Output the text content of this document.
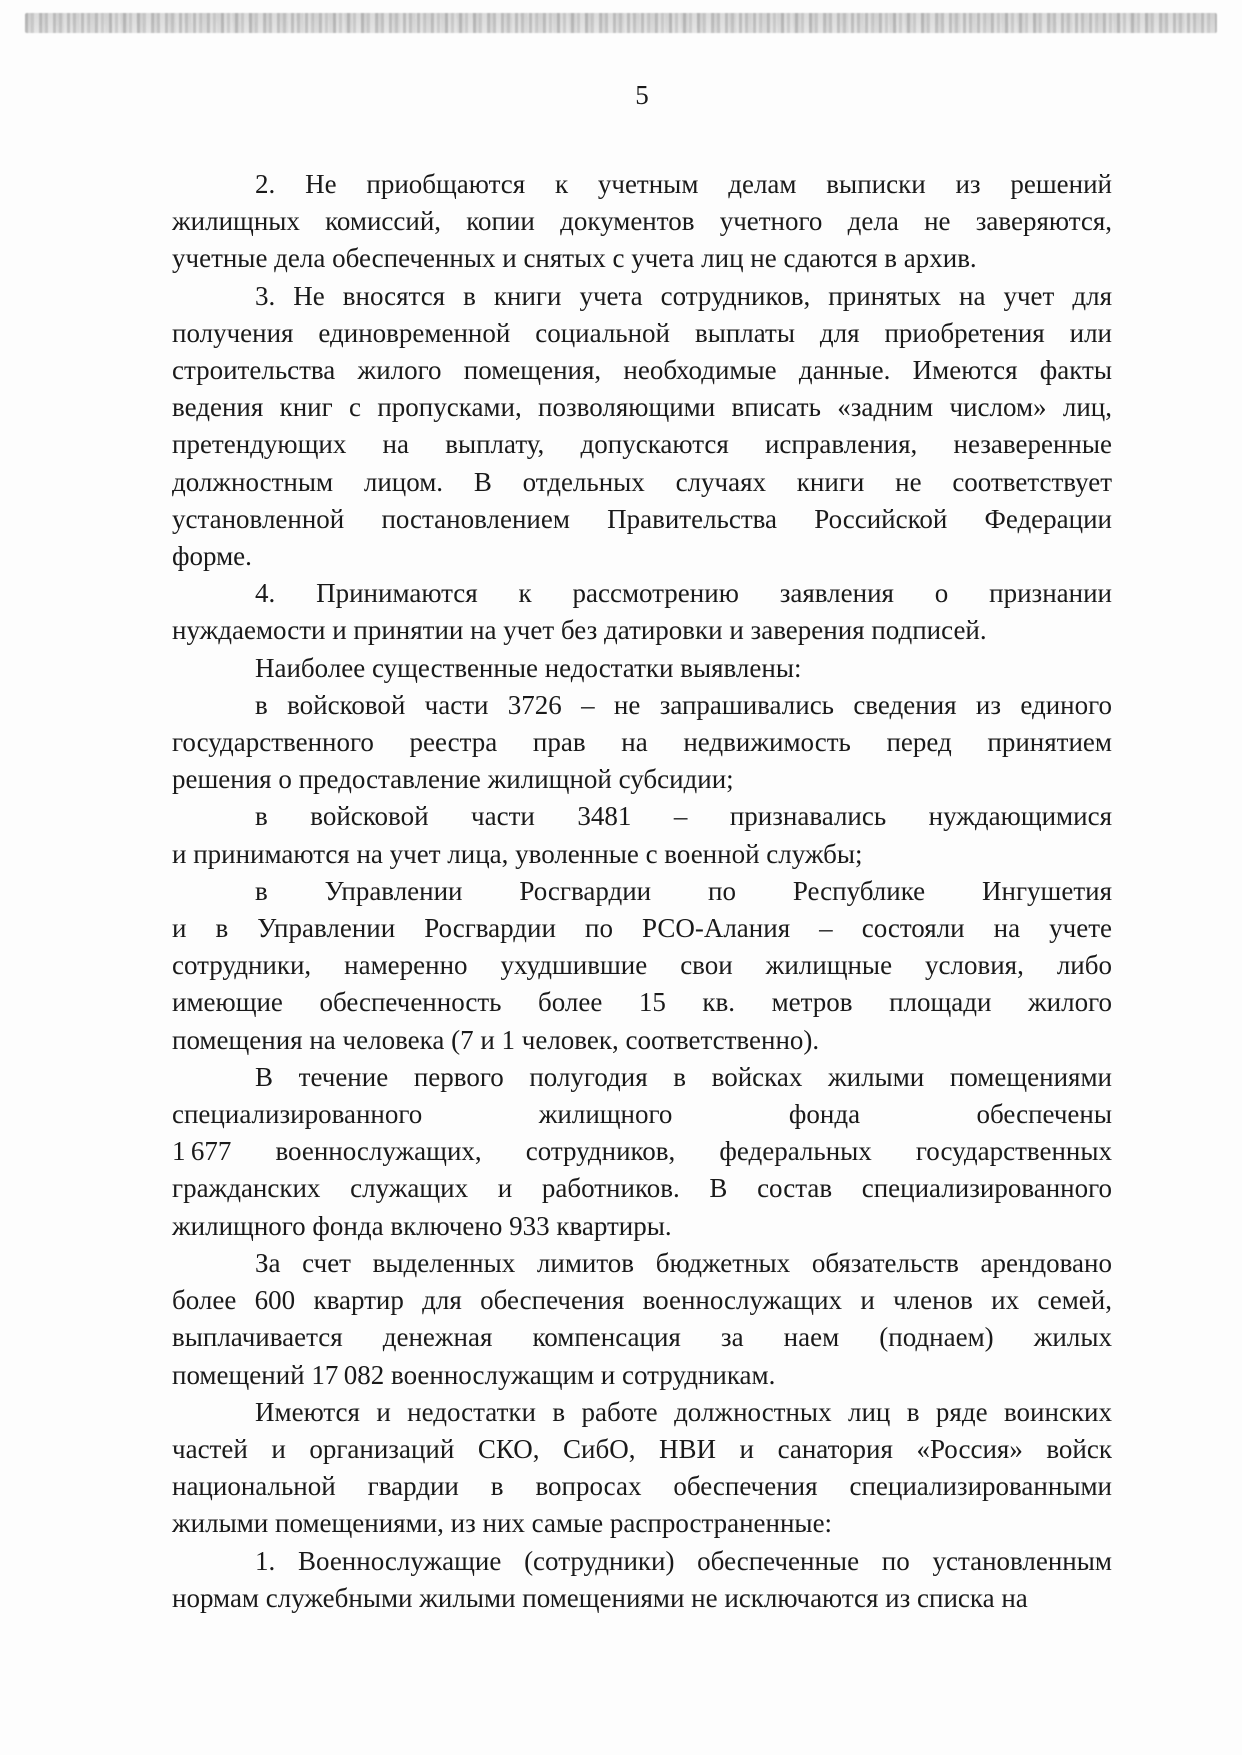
5
2. Не приобщаются к учетным делам выписки из решений
жилищных комиссий, копии документов учетного дела не заверяются,
учетные дела обеспеченных и снятых с учета лиц не сдаются в архив.
3. Не вносятся в книги учета сотрудников, принятых на учет для
получения единовременной социальной выплаты для приобретения или
строительства жилого помещения, необходимые данные. Имеются факты
ведения книг с пропусками, позволяющими вписать «задним числом» лиц,
претендующих на выплату, допускаются исправления, незаверенные
должностным лицом. В отдельных случаях книги не соответствует
установленной постановлением Правительства Российской Федерации
форме.
4. Принимаются к рассмотрению заявления о признании
нуждаемости и принятии на учет без датировки и заверения подписей.
Наиболее существенные недостатки выявлены:
в войсковой части 3726 – не запрашивались сведения из единого
государственного реестра прав на недвижимость перед принятием
решения о предоставление жилищной субсидии;
в войсковой части 3481 – признавались нуждающимися
и принимаются на учет лица, уволенные с военной службы;
в Управлении Росгвардии по Республике Ингушетия
и в Управлении Росгвардии по РСО-Алания – состояли на учете
сотрудники, намеренно ухудшившие свои жилищные условия, либо
имеющие обеспеченность более 15 кв. метров площади жилого
помещения на человека (7 и 1 человек, соответственно).
В течение первого полугодия в войсках жилыми помещениями
специализированного жилищного фонда обеспечены
1 677 военнослужащих, сотрудников, федеральных государственных
гражданских служащих и работников. В состав специализированного
жилищного фонда включено 933 квартиры.
За счет выделенных лимитов бюджетных обязательств арендовано
более 600 квартир для обеспечения военнослужащих и членов их семей,
выплачивается денежная компенсация за наем (поднаем) жилых
помещений 17 082 военнослужащим и сотрудникам.
Имеются и недостатки в работе должностных лиц в ряде воинских
частей и организаций СКО, СибО, НВИ и санатория «Россия» войск
национальной гвардии в вопросах обеспечения специализированными
жилыми помещениями, из них самые распространенные:
1. Военнослужащие (сотрудники) обеспеченные по установленным
нормам служебными жилыми помещениями не исключаются из списка на
